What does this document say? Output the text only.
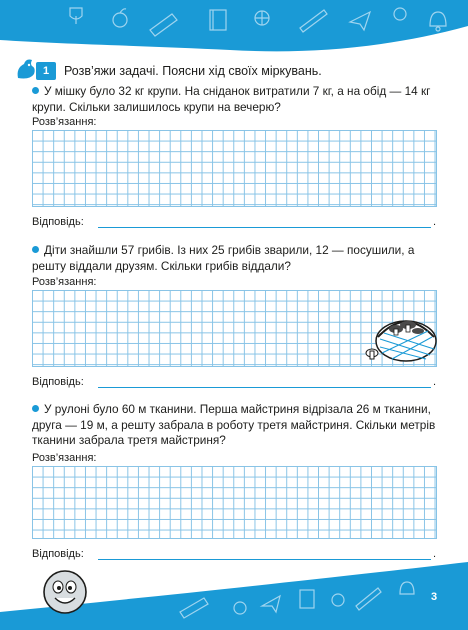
1	Розв’яжи задачі. Поясни хід своїх міркувань.
У мішку було 32 кг крупи. На сніданок витратили 7 кг, а на обід — 14 кг крупи. Скільки залишилось крупи на вечерю?
Розв’язання:
Відповідь:	.
Діти знайшли 57 грибів. Із них 25 грибів зварили, 12 — посушили, а решту віддали друзям. Скільки грибів віддали?
Розв’язання:
Відповідь:	.
У рулоні було 60 м тканини. Перша майстриня відрізала 26 м тканини, друга — 19 м, а решту забрала в роботу третя майстриня. Скільки метрів тканини забрала третя майстриня?
Розв’язання:
Відповідь:	.
3
